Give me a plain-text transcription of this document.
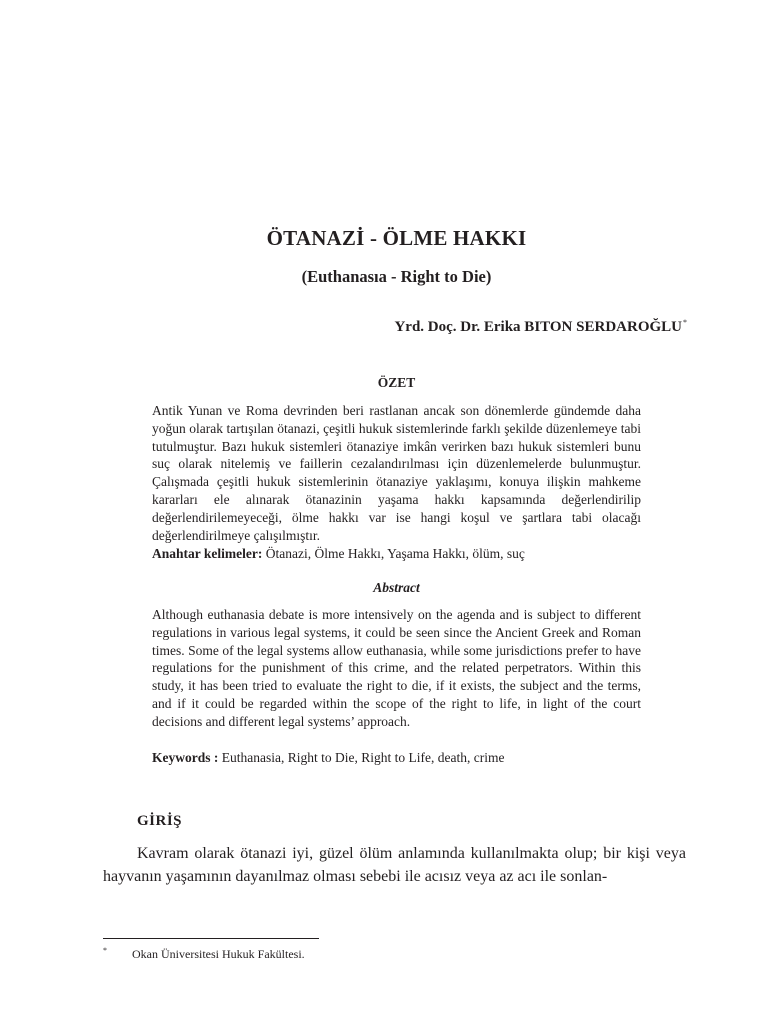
ÖTANAZİ - ÖLME HAKKI
(Euthanasıa - Right to Die)
Yrd. Doç. Dr. Erika BITON SERDAROĞLU*
ÖZET
Antik Yunan ve Roma devrinden beri rastlanan ancak son dönemlerde gündemde daha yoğun olarak tartışılan ötanazi, çeşitli hukuk sistemlerinde farklı şekilde düzenlemeye tabi tutulmuştur. Bazı hukuk sistemleri ötanaziye imkân verirken bazı hukuk sistemleri bunu suç olarak nitelemiş ve faillerin cezalandırılması için düzenlemelerde bulunmuştur. Çalışmada çeşitli hukuk sistemlerinin ötanaziye yaklaşımı, konuya ilişkin mahkeme kararları ele alınarak ötanazinin yaşama hakkı kapsamında değerlendirilip değerlendirilemeyeceği, ölme hakkı var ise hangi koşul ve şartlara tabi olacağı değerlendirilmeye çalışılmıştır.
Anahtar kelimeler: Ötanazi, Ölme Hakkı, Yaşama Hakkı, ölüm, suç
Abstract
Although euthanasia debate is more intensively on the agenda and is subject to different regulations in various legal systems, it could be seen since the Ancient Greek and Roman times. Some of the legal systems allow euthanasia, while some jurisdictions prefer to have regulations for the punishment of this crime, and the related perpetrators. Within this study, it has been tried to evaluate the right to die, if it exists, the subject and the terms, and if it could be regarded within the scope of the right to life, in light of the court decisions and different legal systems’ approach.
Keywords : Euthanasia, Right to Die, Right to Life, death, crime
GİRİŞ
Kavram olarak ötanazi iyi, güzel ölüm anlamında kullanılmakta olup; bir kişi veya hayvanın yaşamının dayanılmaz olması sebebi ile acısız veya az acı ile sonlan-
* Okan Üniversitesi Hukuk Fakültesi.
